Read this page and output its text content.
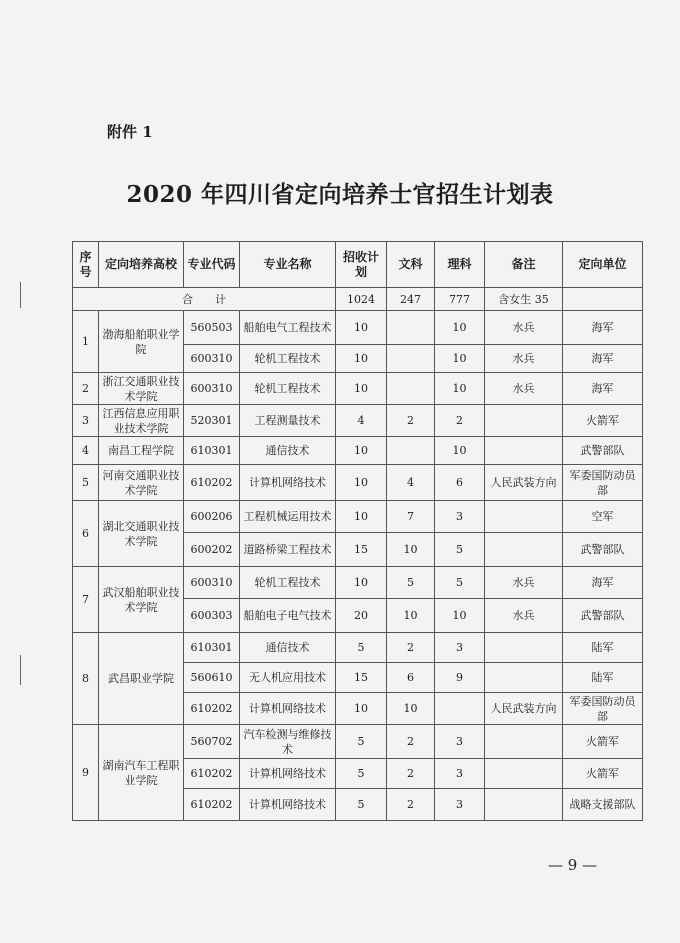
附件 1
2020 年四川省定向培养士官招生计划表
序号	定向培养高校	专业代码	专业名称	招收计划	文科	理科	备注	定向单位
合　　计				1024	247	777	含女生 35	
1	渤海船舶职业学院	560503	船舶电气工程技术	10		10	水兵	海军
		600310	轮机工程技术	10		10	水兵	海军
2	浙江交通职业技术学院	600310	轮机工程技术	10		10	水兵	海军
3	江西信息应用职业技术学院	520301	工程测量技术	4	2	2		火箭军
4	南昌工程学院	610301	通信技术	10		10		武警部队
5	河南交通职业技术学院	610202	计算机网络技术	10	4	6	人民武装方向	军委国防动员部
6	湖北交通职业技术学院	600206	工程机械运用技术	10	7	3		空军
		600202	道路桥梁工程技术	15	10	5		武警部队
7	武汉船舶职业技术学院	600310	轮机工程技术	10	5	5	水兵	海军
		600303	船舶电子电气技术	20	10	10	水兵	武警部队
8	武昌职业学院	610301	通信技术	5	2	3		陆军
		560610	无人机应用技术	15	6	9		陆军
		610202	计算机网络技术	10	10		人民武装方向	军委国防动员部
9	湖南汽车工程职业学院	560702	汽车检测与维修技术	5	2	3		火箭军
		610202	计算机网络技术	5	2	3		火箭军
		610202	计算机网络技术	5	2	3		战略支援部队
— 9 —
